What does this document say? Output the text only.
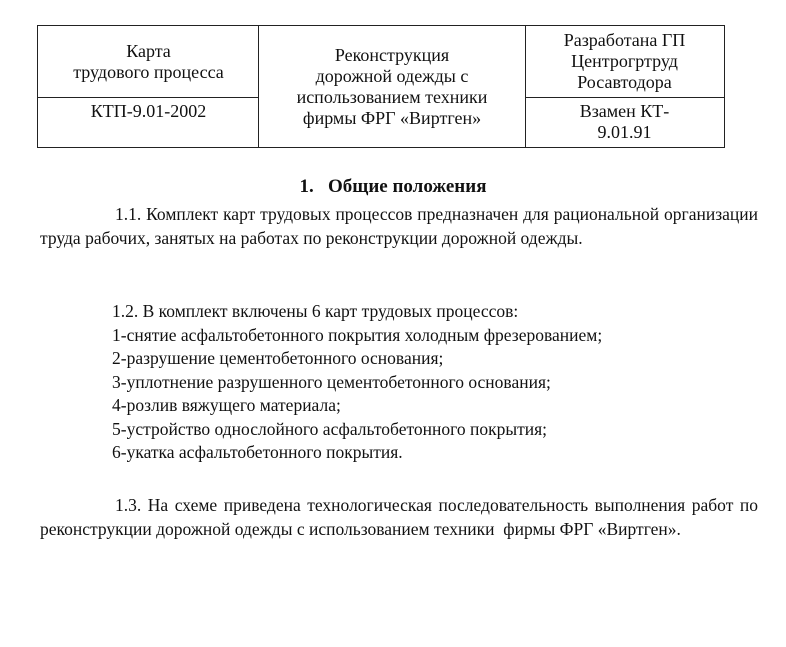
Карта
трудового процесса
КТП-9.01-2002
Реконструкция
дорожной одежды с
использованием техники
фирмы ФРГ «Виртген»
Разработана ГП
Центрогртруд
Росавтодора
Взамен КТ-
9.01.91
1.   Общие положения
1.1. Комплект карт трудовых процессов предназначен для рациональной организации труда рабочих, занятых на работах по реконструкции дорожной одежды.
1.2. В комплект включены 6 карт трудовых процессов:
1-снятие асфальтобетонного покрытия холодным фрезерованием;
2-разрушение цементобетонного основания;
3-уплотнение разрушенного цементобетонного основания;
4-розлив вяжущего материала;
5-устройство однослойного асфальтобетонного покрытия;
6-укатка асфальтобетонного покрытия.
1.3. На схеме приведена технологическая последовательность выполнения работ по реконструкции дорожной одежды с использованием техники  фирмы ФРГ «Виртген».
